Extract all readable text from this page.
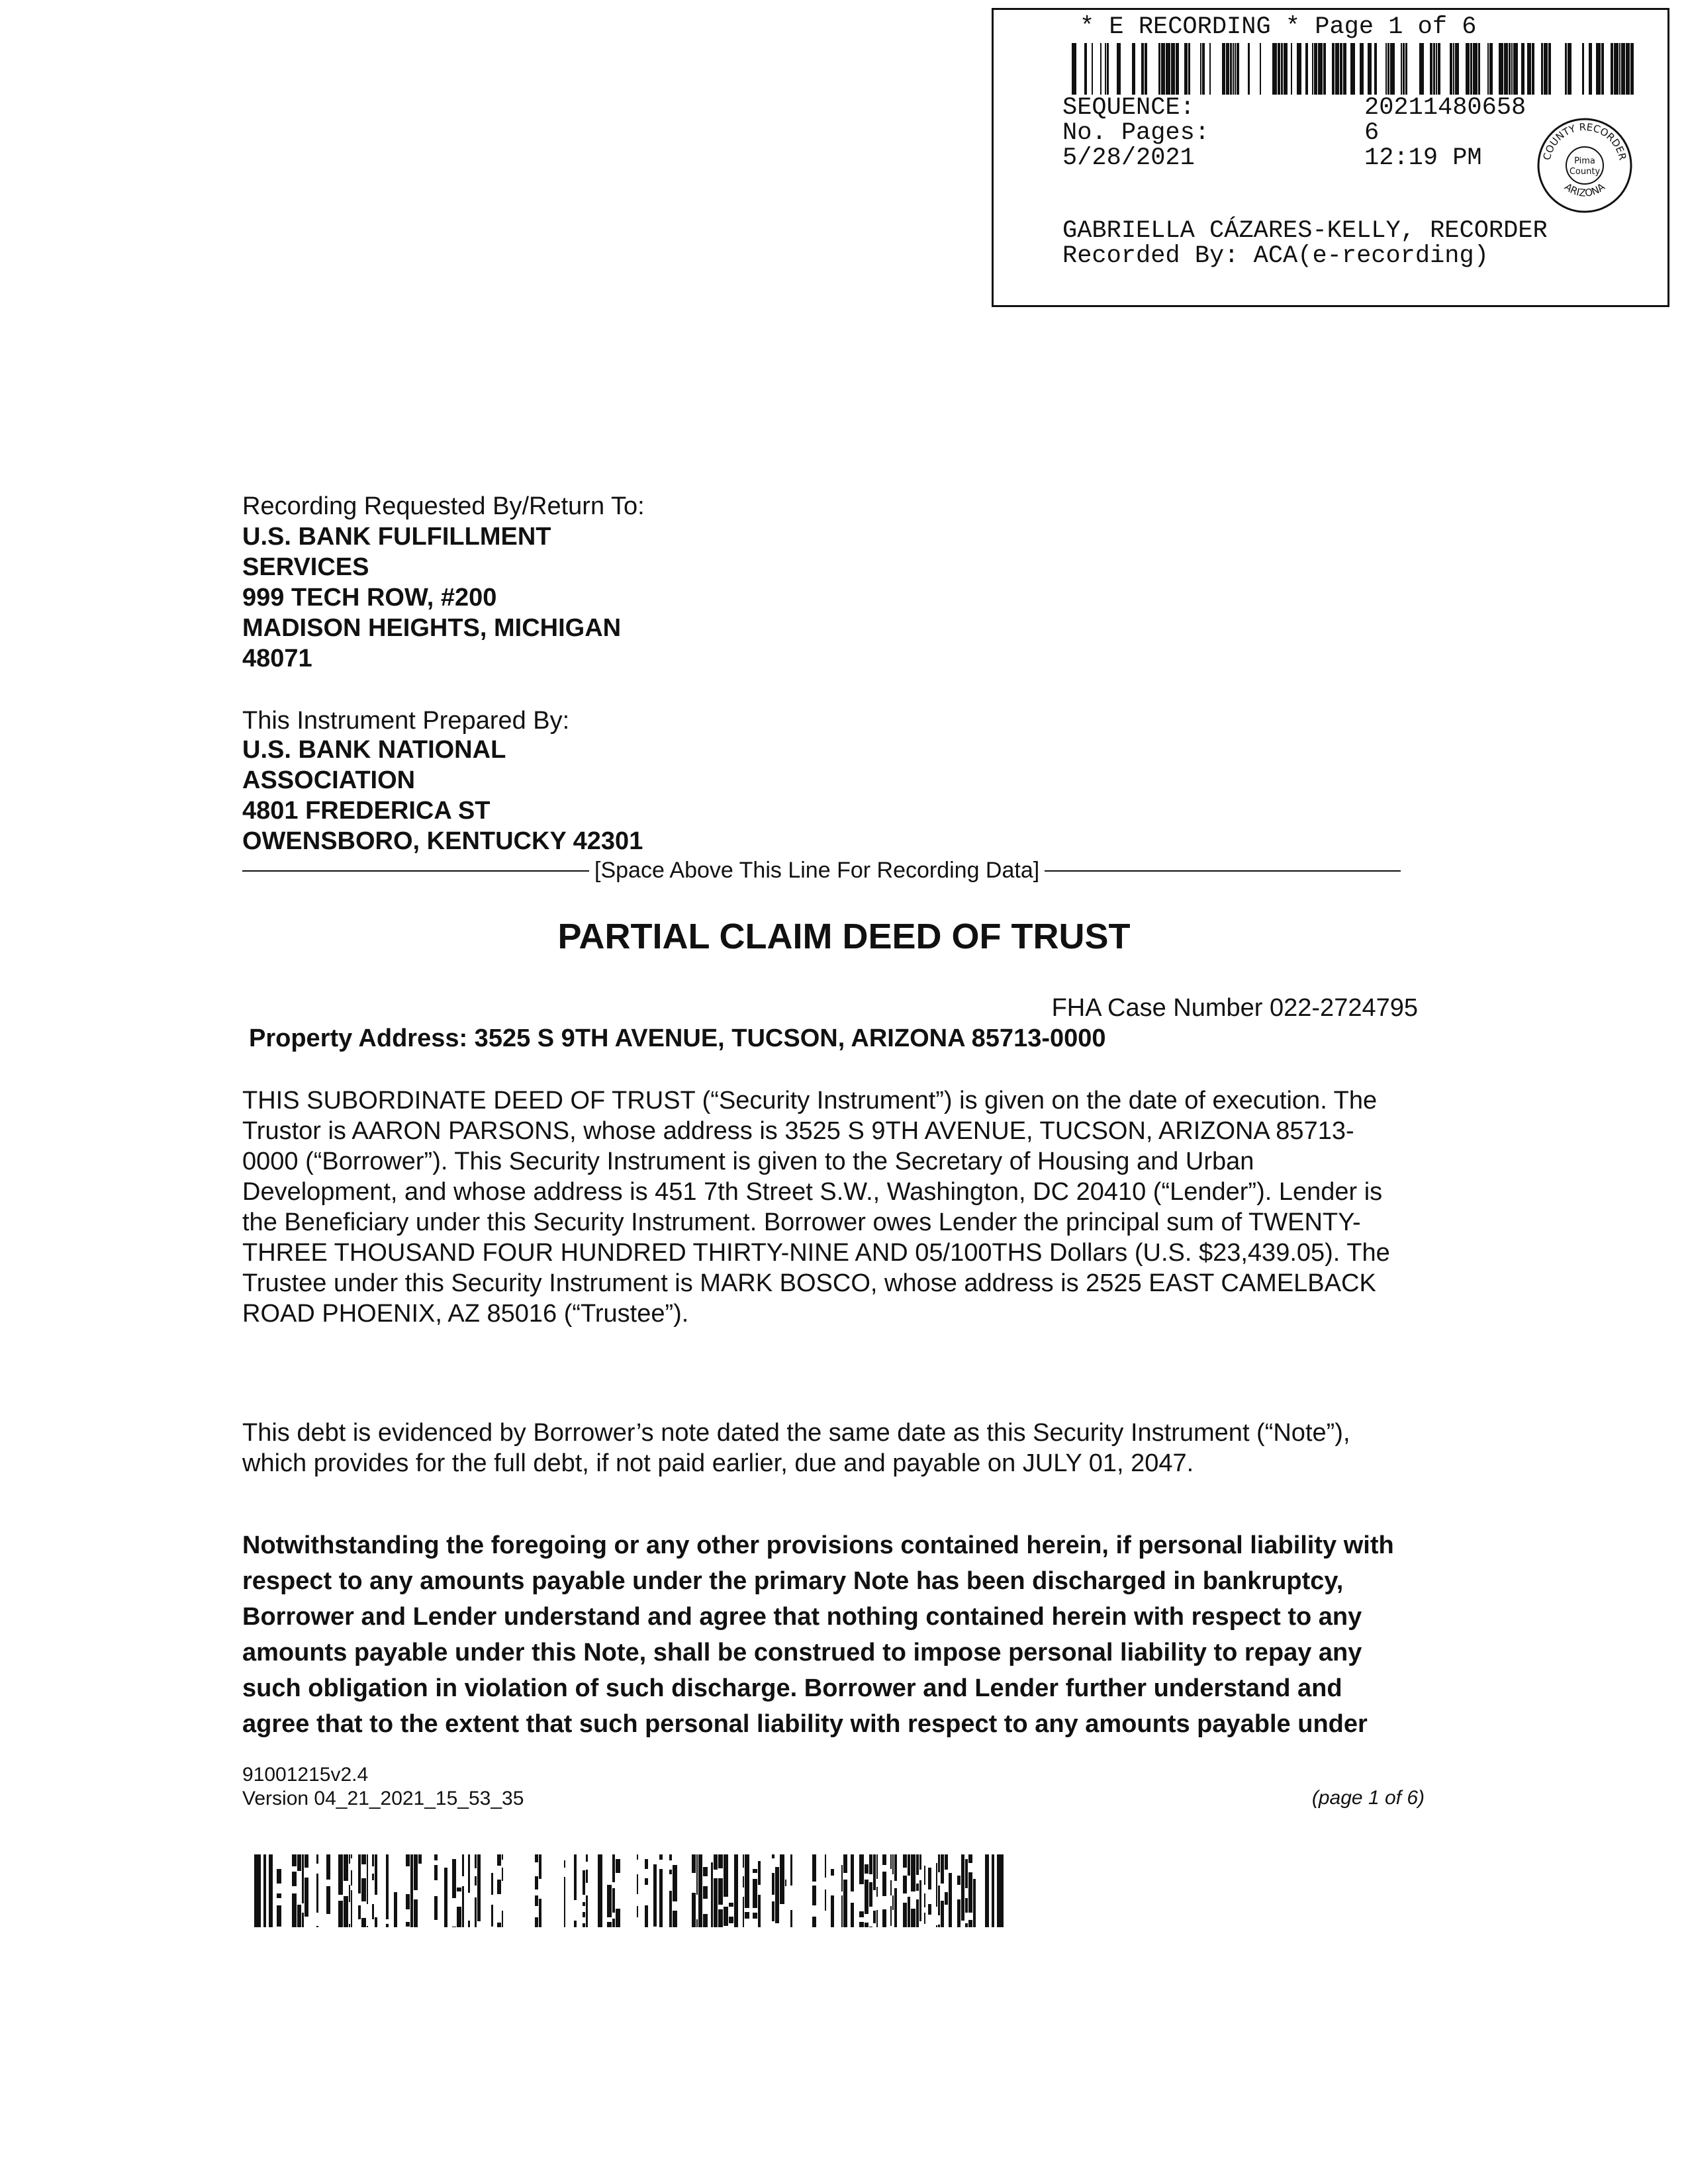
* E RECORDING * Page 1 of 6
SEQUENCE:	20211480658
No. Pages:	6
5/28/2021	12:19 PM	COUNTY RECORDER
ARIZONA
Pima
County
GABRIELLA CÁZARES-KELLY, RECORDER
Recorded By: ACA(e-recording)
Recording Requested By/Return To:
U.S. BANK FULFILLMENT
SERVICES
999 TECH ROW, #200
MADISON HEIGHTS, MICHIGAN
48071
This Instrument Prepared By:
U.S. BANK NATIONAL
ASSOCIATION
4801 FREDERICA ST
OWENSBORO, KENTUCKY 42301
[Space Above This Line For Recording Data]
PARTIAL CLAIM DEED OF TRUST
FHA Case Number 022-2724795
Property Address: 3525 S 9TH AVENUE, TUCSON, ARIZONA 85713-0000
THIS SUBORDINATE DEED OF TRUST (“Security Instrument”) is given on the date of execution. The
Trustor is AARON PARSONS, whose address is 3525 S 9TH AVENUE, TUCSON, ARIZONA 85713-
0000 (“Borrower”). This Security Instrument is given to the Secretary of Housing and Urban
Development, and whose address is 451 7th Street S.W., Washington, DC 20410 (“Lender”). Lender is
the Beneficiary under this Security Instrument. Borrower owes Lender the principal sum of TWENTY-
THREE THOUSAND FOUR HUNDRED THIRTY-NINE AND 05/100THS Dollars (U.S. $23,439.05). The
Trustee under this Security Instrument is MARK BOSCO, whose address is 2525 EAST CAMELBACK
ROAD PHOENIX, AZ 85016 (“Trustee”).
This debt is evidenced by Borrower’s note dated the same date as this Security Instrument (“Note”),
which provides for the full debt, if not paid earlier, due and payable on JULY 01, 2047.
Notwithstanding the foregoing or any other provisions contained herein, if personal liability with
respect to any amounts payable under the primary Note has been discharged in bankruptcy,
Borrower and Lender understand and agree that nothing contained herein with respect to any
amounts payable under this Note, shall be construed to impose personal liability to repay any
such obligation in violation of such discharge. Borrower and Lender further understand and
agree that to the extent that such personal liability with respect to any amounts payable under
91001215v2.4
Version 04_21_2021_15_53_35	(page 1 of 6)
